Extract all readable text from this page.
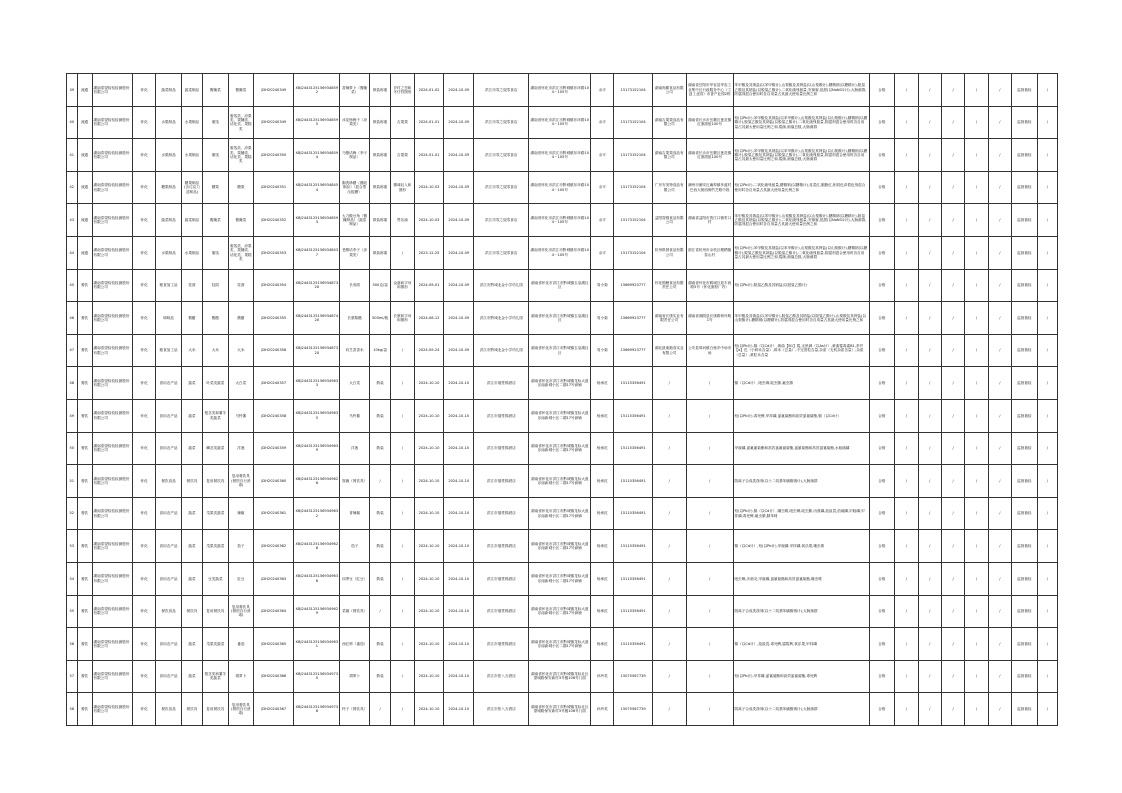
39	流通	湖南泰望检验检测股份有限公司	怀化	蔬菜制品	蔬菜制品	酱腌菜	酱腌菜	JDH20240349	XBJ24431251569348592	香辣萝卜（酱腌菜）	散装称重	乡村之恋和冬仔符图形	2024-01-02	2024-10-09	洪江市零之屋零食店	湖南省怀化市洪江市黔城镇东环路104－105号	余平	15173152104	湖南尚霸食品有限公司	湖南省岳阳市华容县华容工业集中区行政服务中心（工创工业园）市香产业园2栋	苯甲酸及其钠盐(以苯甲酸计),山梨酸及其钾盐(以山梨酸计),糖精钠(以糖精计),脱氢乙酸及其钠盐(以脱氢乙酸计),二氧化硫残留量,安赛蜜,纽甜(以NaNO2计),大肠菌群,防腐剂混合使用时各自用量占其最大使用量比例之和	合格	/	/	/	/	/	监督抽检	/
40	流通	湖南泰望检验检测股份有限公司	怀化	水果制品	水果制品	蜜饯	蜜饯类、凉果类、果脯类、话化类、果糕类	JDH20240349	XBJ24431251569348595	冰花杨梅干（凉果类）	散装称重	吉果果	2024-01-01	2024-10-09	洪江市零之屋零食店	湖南省怀化市洪江市黔城镇东环路104－105号	余平	15173152104	湖南吉果果食品有限公司	湖南省长沙市岳麓区莲花镇红旗湾组100号	铅(以Pb计),苯甲酸及其钠盐(以苯甲酸计),山梨酸及其钾盐(以山梨酸计),糖精钠(以糖精计),脱氢乙酸及其钠盐(以脱氢乙酸计),二氧化硫残留量,防腐剂混合使用时各自用量占其最大使用量比例之和,霉菌,菌落总数,大肠菌群	合格	/	/	/	/	/	监督抽检	/
41	流通	湖南泰望检验检测股份有限公司	怀化	水果制品	水果制品	蜜饯	蜜饯类、凉果类、果脯类、话化类、果糕类	JDH20240350	XBJ24431251569348594	乃酪话梅（李子制品）	散装称重	吉果果	2024-01-01	2024-10-09	洪江市零之屋零食店	湖南省怀化市洪江市黔城镇东环路104－105号	余平	15173152104	湖南吉果果食品有限公司	湖南省长沙市岳麓区莲花镇红旗湾组100号	铅(以Pb计),苯甲酸及其钠盐(以苯甲酸计),山梨酸及其钾盐(以山梨酸计),糖精钠(以糖精计),脱氢乙酸及其钠盐(以脱氢乙酸计),二氧化硫残留量,防腐剂混合使用时各自用量占其最大使用量比例之和,霉菌,菌落总数,大肠菌群	合格	/	/	/	/	/	监督抽检	/
42	流通	湖南泰望检验检测股份有限公司	怀化	糖果制品	糖果制品(含巧克力及制品)	糖果	糖果	JDH20240351	XBJ24431251569348454	胸洗珍糖（酪胶制品）（混合型压板糖）	散装称重	榛味轻入和图形	2024-10-03	2024-10-09	洪江市零之屋零食店	湖南省怀化市洪江市黔城镇东环路104－105号	余平	15173152104	广东安美特食品有限公司	潮州市潮安区庵埠镇孝渡村巴西大街西侧竹芝路中段	铅(以Pb计),二氧化硫残留量,糖精钠(以糖精计),苋菜红,胭脂红,相同色泽着色剂混合使用时各自用量占其最大使用量比例之和	合格	/	/	/	/	/	监督抽检	/
43	流通	湖南泰望检验检测股份有限公司	怀化	蔬菜制品	蔬菜制品	酱腌菜	酱腌菜	JDH20240352	XBJ24431251569348593	大刀酸豆角（酱腌制品）（蔬菜制品）	散装称重	赞乐渝	2024-10-03	2024-10-09	洪江市零之屋零食店	湖南省怀化市洪江市黔城镇东环路104－105号	余平	15173152104	益阳智刚食品有限公司	湖南省益阳市资江口镇枣口村	苯甲酸及其钠盐(以苯甲酸计),山梨酸及其钾盐(以山梨酸计),糖精钠(以糖精计),脱氢乙酸及其钠盐(以脱氢乙酸计),二氧化硫残留量,安赛蜜,纽甜(以NaNO2计),大肠菌群,防腐剂混合使用时各自用量占其最大使用量比例之和	合格	/	/	/	/	/	监督抽检	/
44	流通	湖南泰望检验检测股份有限公司	怀化	水果制品	水果制品	蜜饯	蜜饯类、凉果类、果脯类、话化类、果糕类	JDH20240353	XBJ24431251569348437	老酵话李子（凉果类）	散装称重	/	2023-12-25	2024-10-09	洪江市零之屋零食店	湖南省怀化市洪江市黔城镇东环路104－105号	余平	15173152104	杭州琪餐食品有限公司	浙江省杭州市余杭区塘栖镇泰山村	铅(以Pb计),苯甲酸及其钠盐(以苯甲酸计),山梨酸及其钾盐(以山梨酸计),糖精钠(以糖精计),脱氢乙酸及其钠盐(以脱氢乙酸计),二氧化硫残留量,防腐剂混合使用时各自用量占其最大使用量比例之和,霉菌,菌落总数,大肠菌群	合格	/	/	/	/	/	监督抽检	/
45	餐饮	湖南泰望检验检测股份有限公司	怀化	粮食加工品	挂面	挂面	挂面	JDH20240354	XBJ24431251569348732X	长寿面	500克/袋	众嘉和字母和图形	2024-09-01	2024-10-09	洪江市黔城北金小学幼儿园	湖南省怀化市洪江市黔城镇玉皇湖社区	易小菊	15669923777	怀化锦鲤食品有限责任公司	湖南省怀化市鹤城区迎丰西路5号（怀化面粉厂内）	铅(以Pb计),脱氢乙酸及其钠盐(以脱氢乙酸计)	合格	/	/	/	/	/	监督抽检	/
46	餐饮	湖南泰望检验检测股份有限公司	怀化	调味品	酱醋	酱醋	酱醋	JDH20240355	XBJ24431251569348742X	长康陈醋	500ml/瓶	长康和字母和图形	2024-06-12	2024-10-09	洪江市黔城北金小学幼儿园	湖南省怀化市洪江市黔城镇玉皇湖社区	易小菊	15669923777	湖南省长康实业有限责任公司	湖南省湘阴县长康路荷叶路1号	苯甲酸及其钠盐(以苯甲酸计),脱氢乙酸及其钠盐(以脱氢乙酸计),山梨酸及其钾盐(以山梨酸计),糖精钠(以糖精计),防腐剂混合使用时各自用量占其最大使用量比例之和	合格	/	/	/	/	/	监督抽检	/
47	餐饮	湖南泰望检验检测股份有限公司	怀化	粮食加工品	大米	大米	大米	JDH20240356	XBJ24431251569348732X	向芝香香米	10kg/袋	/	2024-09-24	2024-10-09	洪江市黔城北金小学幼儿园	湖南省怀化市洪江市黔城镇玉皇湖社区	易小菊	15669923777	湖北凯迪粮食实业有限公司	公安县埠河镇白杨乡中场市场	铅(以Pb计),镉（以Cd计）,黄曲【B1】霉,无机砷（以As计）,黄曲霉毒素B1,苯并【a】芘（小碎米含量）,碎米（总量）,不完善粒含量,杂质（无机杂质含量）,杂质（总量）,黄粒米含量	合格	/	/	/	/	/	监督抽检	/
48	餐饮	湖南泰望检验检测股份有限公司	怀化	食用农产品	蔬菜	叶菜类蔬菜	大白菜	JDH20240357	XBJ24431251569349633	大白菜	散装	/	2024-10-10	2024-10-10	洪江市瑞堂锦酒店	湖南省怀化市洪江市黔城镇龙标大道乐南新城小区二期17号商铺	杨承皮	15115356491	/	/	镉（以Cd计）,吡虫啉,啶虫脒,氟虫腈	合格	/	/	/	/	/	监督抽检	/
49	餐饮	湖南泰望检验检测股份有限公司	怀化	食用农产品	蔬菜	根茎类和薯芋类蔬菜	马铃薯	JDH20240358	XBJ24431251569349635	马铃薯	散装	/	2024-10-10	2024-10-10	洪江市瑞堂锦酒店	湖南省怀化市洪江市黔城镇龙标大道乐南新城小区二期17号商铺	杨承皮	15115356491	/	/	铅(以Pb计),毒死蜱,甲拌磷,氯氰菊酯和高效氯氰菊酯,镉（以Cd计）	合格	/	/	/	/	/	监督抽检	/
50	餐饮	湖南泰望检验检测股份有限公司	怀化	食用农产品	蔬菜	鳞茎类蔬菜	洋葱	JDH20240359	XBJ24431251569349639	洋葱	散装	/	2024-10-10	2024-10-10	洪江市瑞堂锦酒店	湖南省怀化市洪江市黔城镇龙标大道乐南新城小区二期17号商铺	杨承皮	15115356491	/	/	甲胺磷,氯氟氰菊酯和高效氯氟氰菊酯,氯氰菊酯和高效氯氰菊酯,水胺硫磷	合格	/	/	/	/	/	监督抽检	/
51	餐饮	湖南泰望检验检测股份有限公司	怀化	餐饮食品	餐饮具	复用餐饮具	复用餐饮具(餐馆自行消毒)	JDH20240360	XBJ24431251569349626	饭碗（餐饮具）	/	/	2024-10-10	2024-10-10	洪江市瑞堂锦酒店	湖南省怀化市洪江市黔城镇龙标大道乐南新城小区二期17号商铺	杨承皮	15115356491	/	/	阴离子合成洗涤剂(以十二烷基苯磺酸钠计),大肠菌群	合格	/	/	/	/	/	监督抽检	/
52	餐饮	湖南泰望检验检测股份有限公司	怀化	食用农产品	蔬菜	瓜果类蔬菜	辣椒	JDH20240361	XBJ24431251569349632	青辣椒	散装	/	2024-10-10	2024-10-10	洪江市瑞堂锦酒店	湖南省怀化市洪江市黔城镇龙标大道乐南新城小区二期17号商铺	杨承皮	15115356491	/	/	铅(以Pb计),镉（以Cd计）,噻虫嗪,吡虫啉,啶虫脒,丙溴磷,敌敌畏,倍硫磷,甲胺磷,甲拌磷,毒死蜱,氟虫腈,腈苯唑	合格	/	/	/	/	/	监督抽检	/
53	餐饮	湖南泰望检验检测股份有限公司	怀化	食用农产品	蔬菜	瓜果类蔬菜	茄子	JDH20240362	XBJ24431251569349628	茄子	散装	/	2024-10-10	2024-10-10	洪江市瑞堂锦酒店	湖南省怀化市洪江市黔城镇龙标大道乐南新城小区二期17号商铺	杨承皮	15115356491	/	/	镉（以Cd计）,铅(以Pb计),甲胺磷,甲拌磷,氧乐果,噻虫嗪	合格	/	/	/	/	/	监督抽检	/
54	餐饮	湖南泰望检验检测股份有限公司	怀化	食用农产品	蔬菜	豆类蔬菜	豇豆	JDH20240363	XBJ24431251569349636	四季豆（豇豆）	散装	/	2024-10-10	2024-10-10	洪江市瑞堂锦酒店	湖南省怀化市洪江市黔城镇龙标大道乐南新城小区二期17号商铺	杨承皮	15115356491	/	/	吡虫啉,多菌灵,甲胺磷,氯氰菊酯和高效氯氰菊酯,噻虫嗪	合格	/	/	/	/	/	监督抽检	/
55	餐饮	湖南泰望检验检测股份有限公司	怀化	餐饮食品	餐饮具	复用餐饮具	复用餐饮具(餐馆自行消毒)	JDH20240364	XBJ24431251569349629	菜碗（餐饮具）	/	/	2024-10-10	2024-10-10	洪江市瑞堂锦酒店	湖南省怀化市洪江市黔城镇龙标大道乐南新城小区二期17号商铺	杨承皮	15115356491	/	/	阴离子合成洗涤剂(以十二烷基苯磺酸钠计),大肠菌群	合格	/	/	/	/	/	监督抽检	/
56	餐饮	湖南泰望检验检测股份有限公司	怀化	食用农产品	蔬菜	瓜果类蔬菜	番茄	JDH20240365	XBJ24431251569349631	西红柿（番茄）	散装	/	2024-10-10	2024-10-10	洪江市瑞堂锦酒店	湖南省怀化市洪江市黔城镇龙标大道乐南新城小区二期17号商铺	杨承皮	15115356491	/	/	镉（以Cd计）,敌敌畏,毒死蜱,腐霉利,氧乐果,甲拌磷	合格	/	/	/	/	/	监督抽检	/
57	餐饮	湖南泰望检验检测股份有限公司	怀化	食用农产品	蔬菜	根茎类和薯芋类蔬菜	胡萝卜	JDH20240366	XBJ24431251569349730	胡萝卜	散装	/	2024-10-10	2024-10-10	洪江市张八万酒店	湖南省怀化市洪江市黔城镇龙标社区望城路保安新村3号楼106号门面	孙玲英	15075567739	/	/	铅(以Pb计),甲拌磷,氯氰菊酯和高效氯氰菊酯,毒死蜱	合格	/	/	/	/	/	监督抽检	/
58	餐饮	湖南泰望检验检测股份有限公司	怀化	餐饮食品	餐饮具	复用餐饮具	复用餐饮具(餐馆自行消毒)	JDH20240367	XBJ24431251569349736	杯子（餐饮具）	/	/	2024-10-10	2024-10-10	洪江市张八万酒店	湖南省怀化市洪江市黔城镇龙标社区望城路保安新村3号楼106号门面	孙玲英	15075567739	/	/	阴离子合成洗涤剂(以十二烷基苯磺酸钠计),大肠菌群	合格	/	/	/	/	/	监督抽检	/
